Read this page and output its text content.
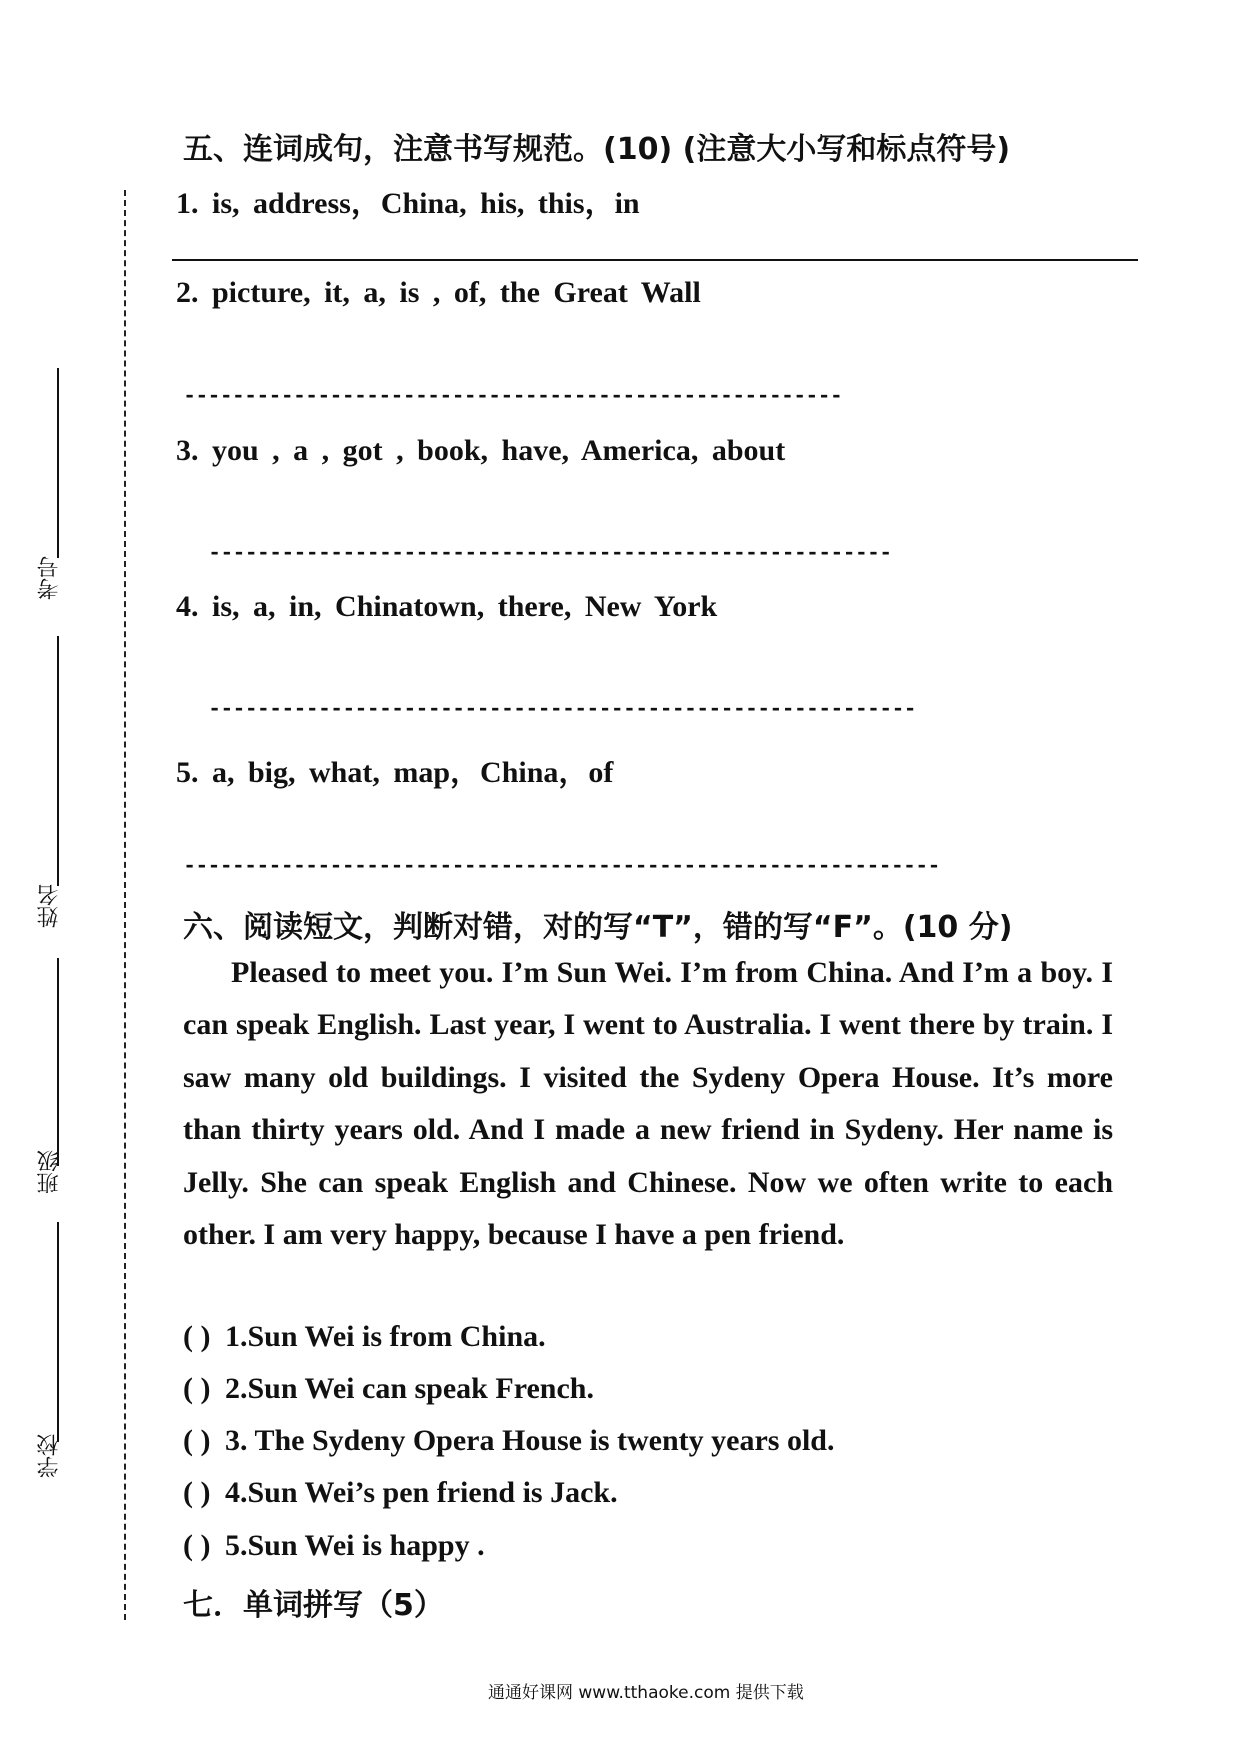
考号
姓名
班级
学校
五、连词成句，注意书写规范。(10) (注意大小写和标点符号)
1. is, address，China, his, this，in
2. picture, it, a, is , of, the Great Wall
------------------------------------------------------
3. you , a , got , book, have, America, about
--------------------------------------------------------
4. is, a, in, Chinatown, there, New York
----------------------------------------------------------
5. a, big, what, map，China，of
--------------------------------------------------------------
六、阅读短文，判断对错，对的写“T”，错的写“F”。(10 分)

Pleased to meet you. I’m Sun Wei. I’m from China. And I’m a boy. I can speak English. Last year, I went to Australia. I went there by train. I saw many old buildings. I visited the Sydeny Opera House. It’s more than thirty years old. And I made a new friend in Sydeny. Her name is Jelly. She can speak English and Chinese. Now we often write to each other. I am very happy, because I have a pen friend.

( ) 1.Sun Wei is from China.
( ) 2.Sun Wei can speak French.
( ) 3. The Sydeny Opera House is twenty years old.
( ) 4.Sun Wei’s pen friend is Jack.
( ) 5.Sun Wei is happy .
七．单词拼写（5）
通通好课网 www.tthaoke.com 提供下载
